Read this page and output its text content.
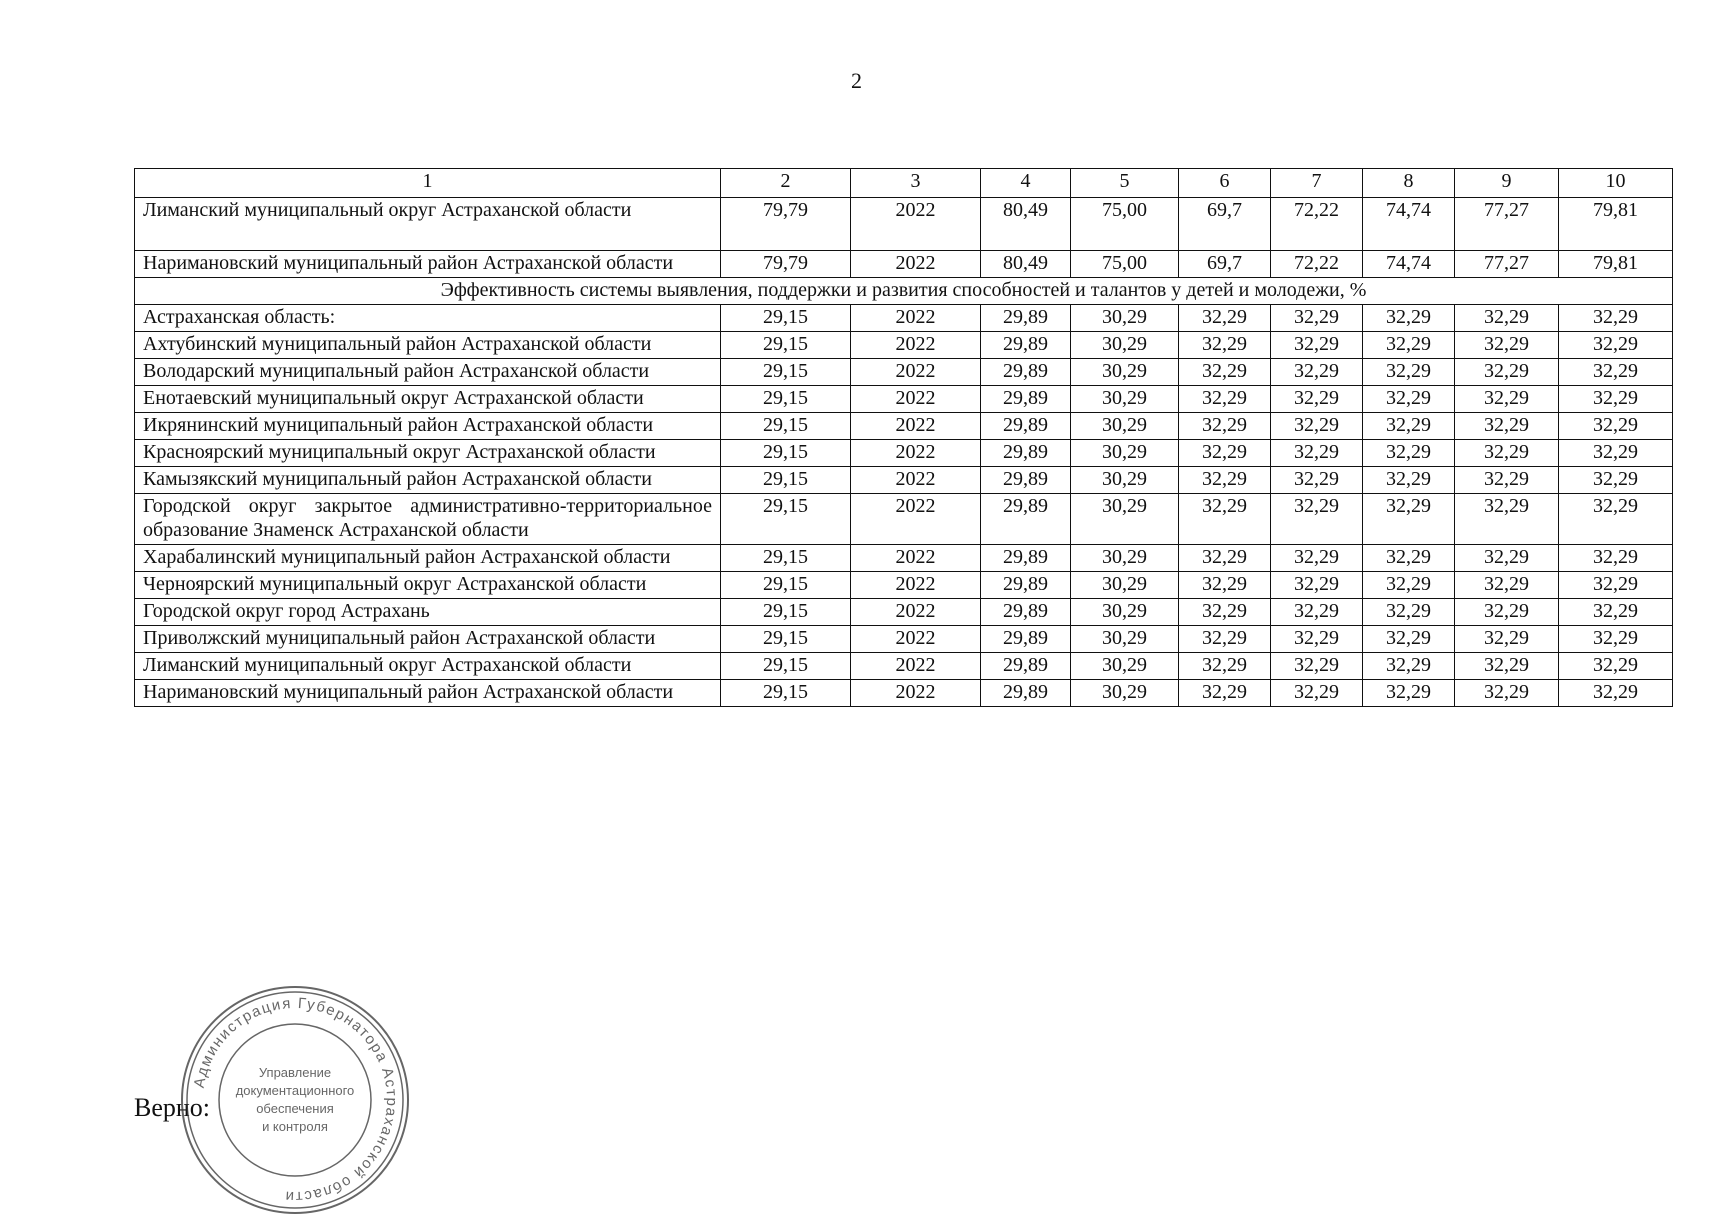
2
1	2	3	4	5	6	7	8	9	10
Лиманский муниципальный округ Астраханской области	79,79	2022	80,49	75,00	69,7	72,22	74,74	77,27	79,81
Наримановский муниципальный район Астраханской области	79,79	2022	80,49	75,00	69,7	72,22	74,74	77,27	79,81
Эффективность системы выявления, поддержки и развития способностей и талантов у детей и молодежи, %									
Астраханская область:	29,15	2022	29,89	30,29	32,29	32,29	32,29	32,29	32,29
Ахтубинский муниципальный район Астраханской области	29,15	2022	29,89	30,29	32,29	32,29	32,29	32,29	32,29
Володарский муниципальный район Астраханской области	29,15	2022	29,89	30,29	32,29	32,29	32,29	32,29	32,29
Енотаевский муниципальный округ Астраханской области	29,15	2022	29,89	30,29	32,29	32,29	32,29	32,29	32,29
Икрянинский муниципальный район Астраханской области	29,15	2022	29,89	30,29	32,29	32,29	32,29	32,29	32,29
Красноярский муниципальный округ Астраханской области	29,15	2022	29,89	30,29	32,29	32,29	32,29	32,29	32,29
Камызякский муниципальный район Астраханской области	29,15	2022	29,89	30,29	32,29	32,29	32,29	32,29	32,29
Городской округ закрытое административно-территориальное образование Знаменск Астраханской области	29,15	2022	29,89	30,29	32,29	32,29	32,29	32,29	32,29
Харабалинский муниципальный район Астраханской области	29,15	2022	29,89	30,29	32,29	32,29	32,29	32,29	32,29
Черноярский муниципальный округ Астраханской области	29,15	2022	29,89	30,29	32,29	32,29	32,29	32,29	32,29
Городской округ город Астрахань	29,15	2022	29,89	30,29	32,29	32,29	32,29	32,29	32,29
Приволжский муниципальный район Астраханской области	29,15	2022	29,89	30,29	32,29	32,29	32,29	32,29	32,29
Лиманский муниципальный округ Астраханской области	29,15	2022	29,89	30,29	32,29	32,29	32,29	32,29	32,29
Наримановский муниципальный район Астраханской области	29,15	2022	29,89	30,29	32,29	32,29	32,29	32,29	32,29
Верно:
Администрация Губернатора Астраханской области
Управление
документационного
обеспечения
и контроля
